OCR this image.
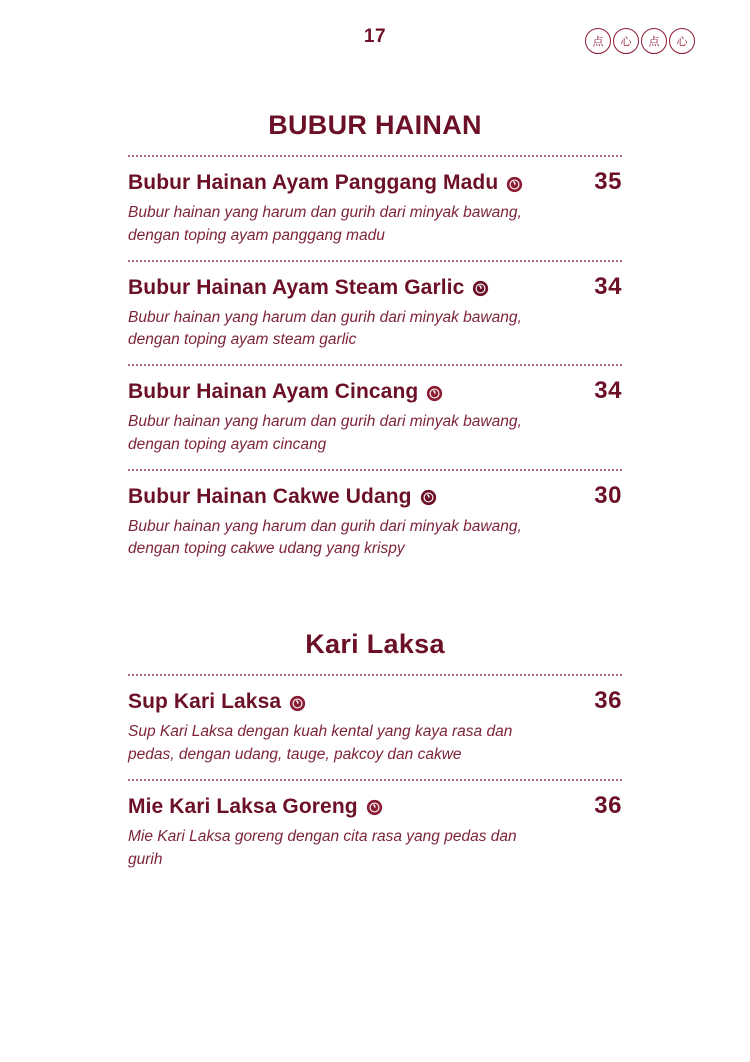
17	点	心	点	心
BUBUR HAINAN
Bubur Hainan Ayam Panggang Madu	35
Bubur hainan yang harum dan gurih dari minyak bawang, dengan toping ayam panggang madu
Bubur Hainan Ayam Steam Garlic	34
Bubur hainan yang harum dan gurih dari minyak bawang, dengan toping ayam steam garlic
Bubur Hainan Ayam Cincang	34
Bubur hainan yang harum dan gurih dari minyak bawang, dengan toping ayam cincang
Bubur Hainan Cakwe Udang	30
Bubur hainan yang harum dan gurih dari minyak bawang, dengan toping cakwe udang yang krispy
Kari Laksa
Sup Kari Laksa	36
Sup Kari Laksa dengan kuah kental yang kaya rasa dan pedas, dengan udang, tauge, pakcoy dan cakwe
Mie Kari Laksa Goreng	36
Mie Kari Laksa goreng dengan cita rasa yang pedas dan gurih
